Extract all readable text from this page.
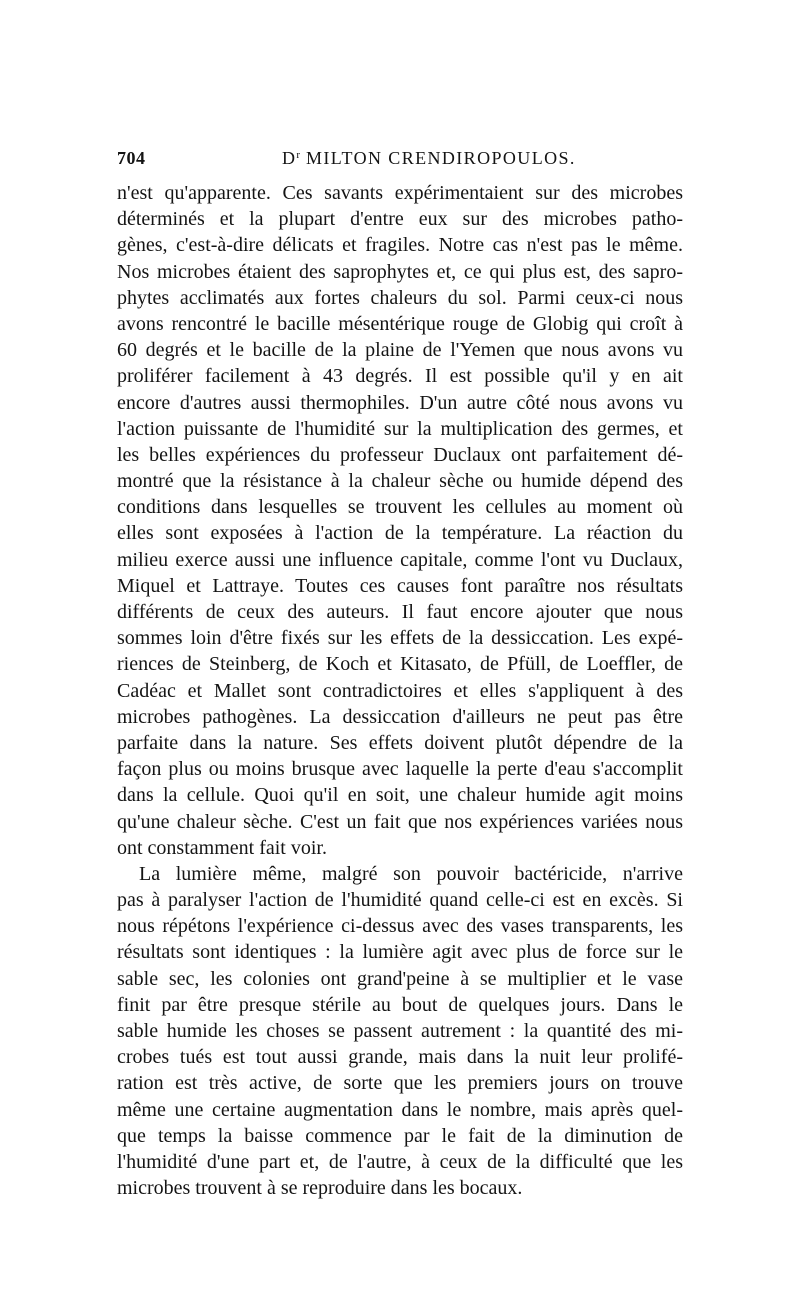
704	$D^r$ MILTON CRENDIROPOULOS.
n'est qu'apparente. Ces savants expérimentaient sur des microbes
déterminés et la plupart d'entre eux sur des microbes patho-
gènes, c'est-à-dire délicats et fragiles. Notre cas n'est pas le même.
Nos microbes étaient des saprophytes et, ce qui plus est, des sapro-
phytes acclimatés aux fortes chaleurs du sol. Parmi ceux-ci nous
avons rencontré le bacille mésentérique rouge de Globig qui croît à
60 degrés et le bacille de la plaine de l'Yemen que nous avons vu
proliférer facilement à 43 degrés. Il est possible qu'il y en ait
encore d'autres aussi thermophiles. D'un autre côté nous avons vu
l'action puissante de l'humidité sur la multiplication des germes, et
les belles expériences du professeur Duclaux ont parfaitement dé-
montré que la résistance à la chaleur sèche ou humide dépend des
conditions dans lesquelles se trouvent les cellules au moment où
elles sont exposées à l'action de la température. La réaction du
milieu exerce aussi une influence capitale, comme l'ont vu Duclaux,
Miquel et Lattraye. Toutes ces causes font paraître nos résultats
différents de ceux des auteurs. Il faut encore ajouter que nous
sommes loin d'être fixés sur les effets de la dessiccation. Les expé-
riences de Steinberg, de Koch et Kitasato, de Pfüll, de Loeffler, de
Cadéac et Mallet sont contradictoires et elles s'appliquent à des
microbes pathogènes. La dessiccation d'ailleurs ne peut pas être
parfaite dans la nature. Ses effets doivent plutôt dépendre de la
façon plus ou moins brusque avec laquelle la perte d'eau s'accomplit
dans la cellule. Quoi qu'il en soit, une chaleur humide agit moins
qu'une chaleur sèche. C'est un fait que nos expériences variées nous
ont constamment fait voir.
La lumière même, malgré son pouvoir bactéricide, n'arrive
pas à paralyser l'action de l'humidité quand celle-ci est en excès. Si
nous répétons l'expérience ci-dessus avec des vases transparents, les
résultats sont identiques : la lumière agit avec plus de force sur le
sable sec, les colonies ont grand'peine à se multiplier et le vase
finit par être presque stérile au bout de quelques jours. Dans le
sable humide les choses se passent autrement : la quantité des mi-
crobes tués est tout aussi grande, mais dans la nuit leur prolifé-
ration est très active, de sorte que les premiers jours on trouve
même une certaine augmentation dans le nombre, mais après quel-
que temps la baisse commence par le fait de la diminution de
l'humidité d'une part et, de l'autre, à ceux de la difficulté que les
microbes trouvent à se reproduire dans les bocaux.
